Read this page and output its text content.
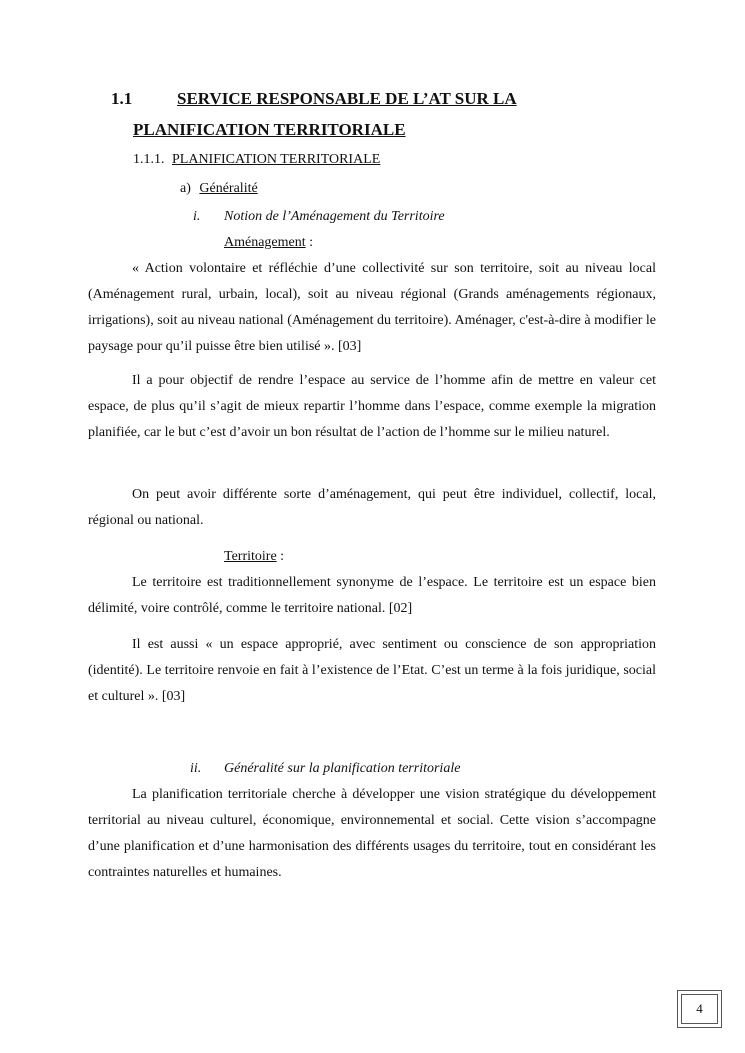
1.1	SERVICE RESPONSABLE DE L’AT SUR LA
PLANIFICATION TERRITORIALE
1.1.1. PLANIFICATION TERRITORIALE
a) Généralité
i. Notion de l’Aménagement du Territoire
Aménagement :
« Action volontaire et réfléchie d’une collectivité sur son territoire, soit au niveau local (Aménagement rural, urbain, local), soit au niveau régional (Grands aménagements régionaux, irrigations), soit au niveau national (Aménagement du territoire). Aménager, c'est-à-dire à modifier le paysage pour qu’il puisse être bien utilisé ». [03]
Il a pour objectif de rendre l’espace au service de l’homme afin de mettre en valeur cet espace, de plus qu’il s’agit de mieux repartir l’homme dans l’espace, comme exemple la migration planifiée, car le but c’est d’avoir un bon résultat de l’action de l’homme sur le milieu naturel.
On peut avoir différente sorte d’aménagement, qui peut être individuel, collectif, local, régional ou national.
Territoire :
Le territoire est traditionnellement synonyme de l’espace. Le territoire est un espace bien délimité, voire contrôlé, comme le territoire national. [02]
Il est aussi « un espace approprié, avec sentiment ou conscience de son appropriation (identité). Le territoire renvoie en fait à l’existence de l’Etat. C’est un terme à la fois juridique, social et culturel ». [03]
ii. Généralité sur la planification territoriale
La planification territoriale cherche à développer une vision stratégique du développement territorial au niveau culturel, économique, environnemental et social. Cette vision s’accompagne d’une planification et d’une harmonisation des différents usages du territoire, tout en considérant les contraintes naturelles et humaines.
4
